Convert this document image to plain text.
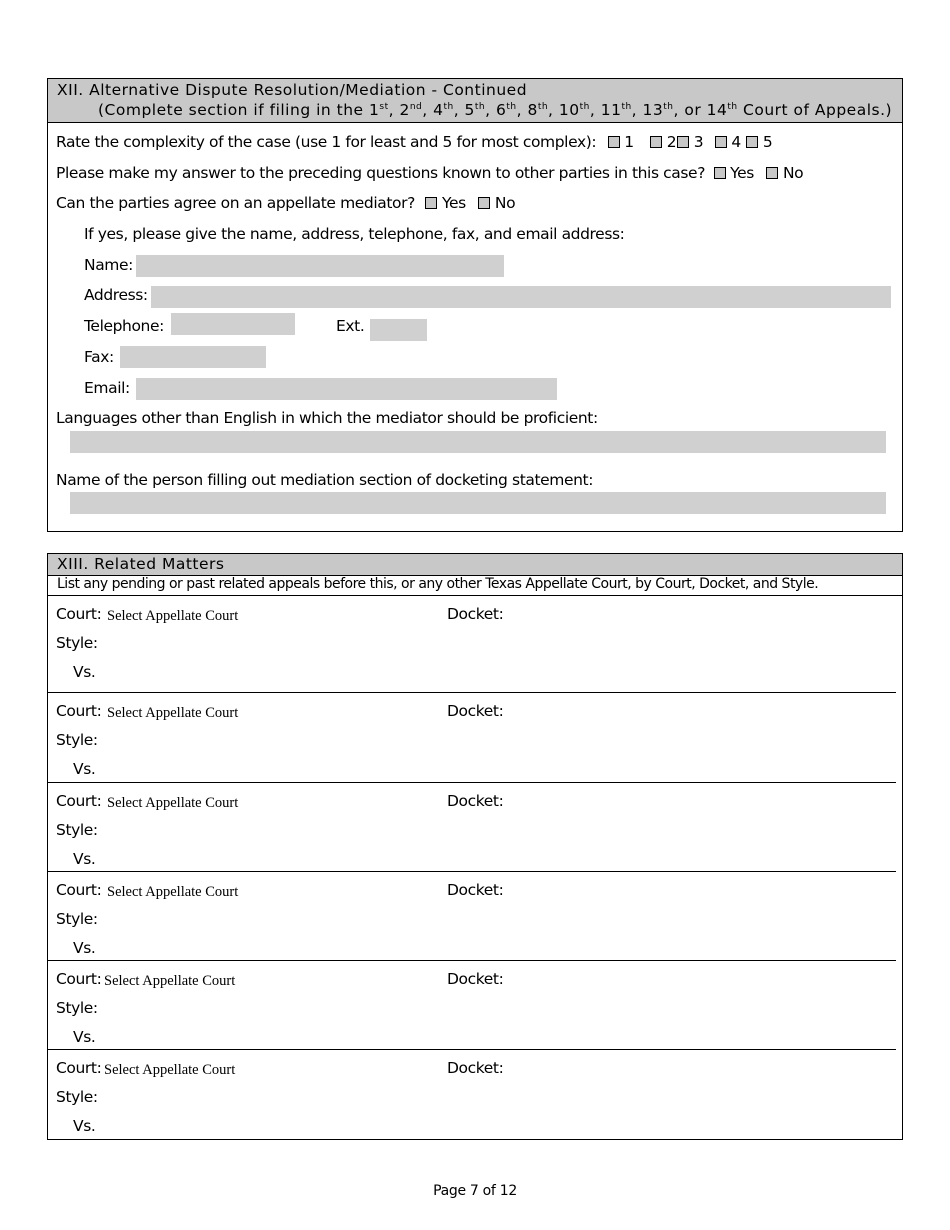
XII. Alternative Dispute Resolution/Mediation - Continued
(Complete section if filing in the 1st, 2nd, 4th, 5th, 6th, 8th, 10th, 11th, 13th, or 14th Court of Appeals.)
Rate the complexity of the case (use 1 for least and 5 for most complex): 1 2 3 4 5
Please make my answer to the preceding questions known to other parties in this case? Yes No
Can the parties agree on an appellate mediator? Yes No
If yes, please give the name, address, telephone, fax, and email address:
Name:
Address:
Telephone:	Ext.
Fax:
Email:
Languages other than English in which the mediator should be proficient:
Name of the person filling out mediation section of docketing statement:
XIII. Related Matters
List any pending or past related appeals before this, or any other Texas Appellate Court, by Court, Docket, and Style.
Court: Select Appellate Court	Docket:
Style:
Vs.
Court: Select Appellate Court	Docket:
Style:
Vs.
Court: Select Appellate Court	Docket:
Style:
Vs.
Court: Select Appellate Court	Docket:
Style:
Vs.
Court: Select Appellate Court	Docket:
Style:
Vs.
Court: Select Appellate Court	Docket:
Style:
Vs.
Page 7 of 12
